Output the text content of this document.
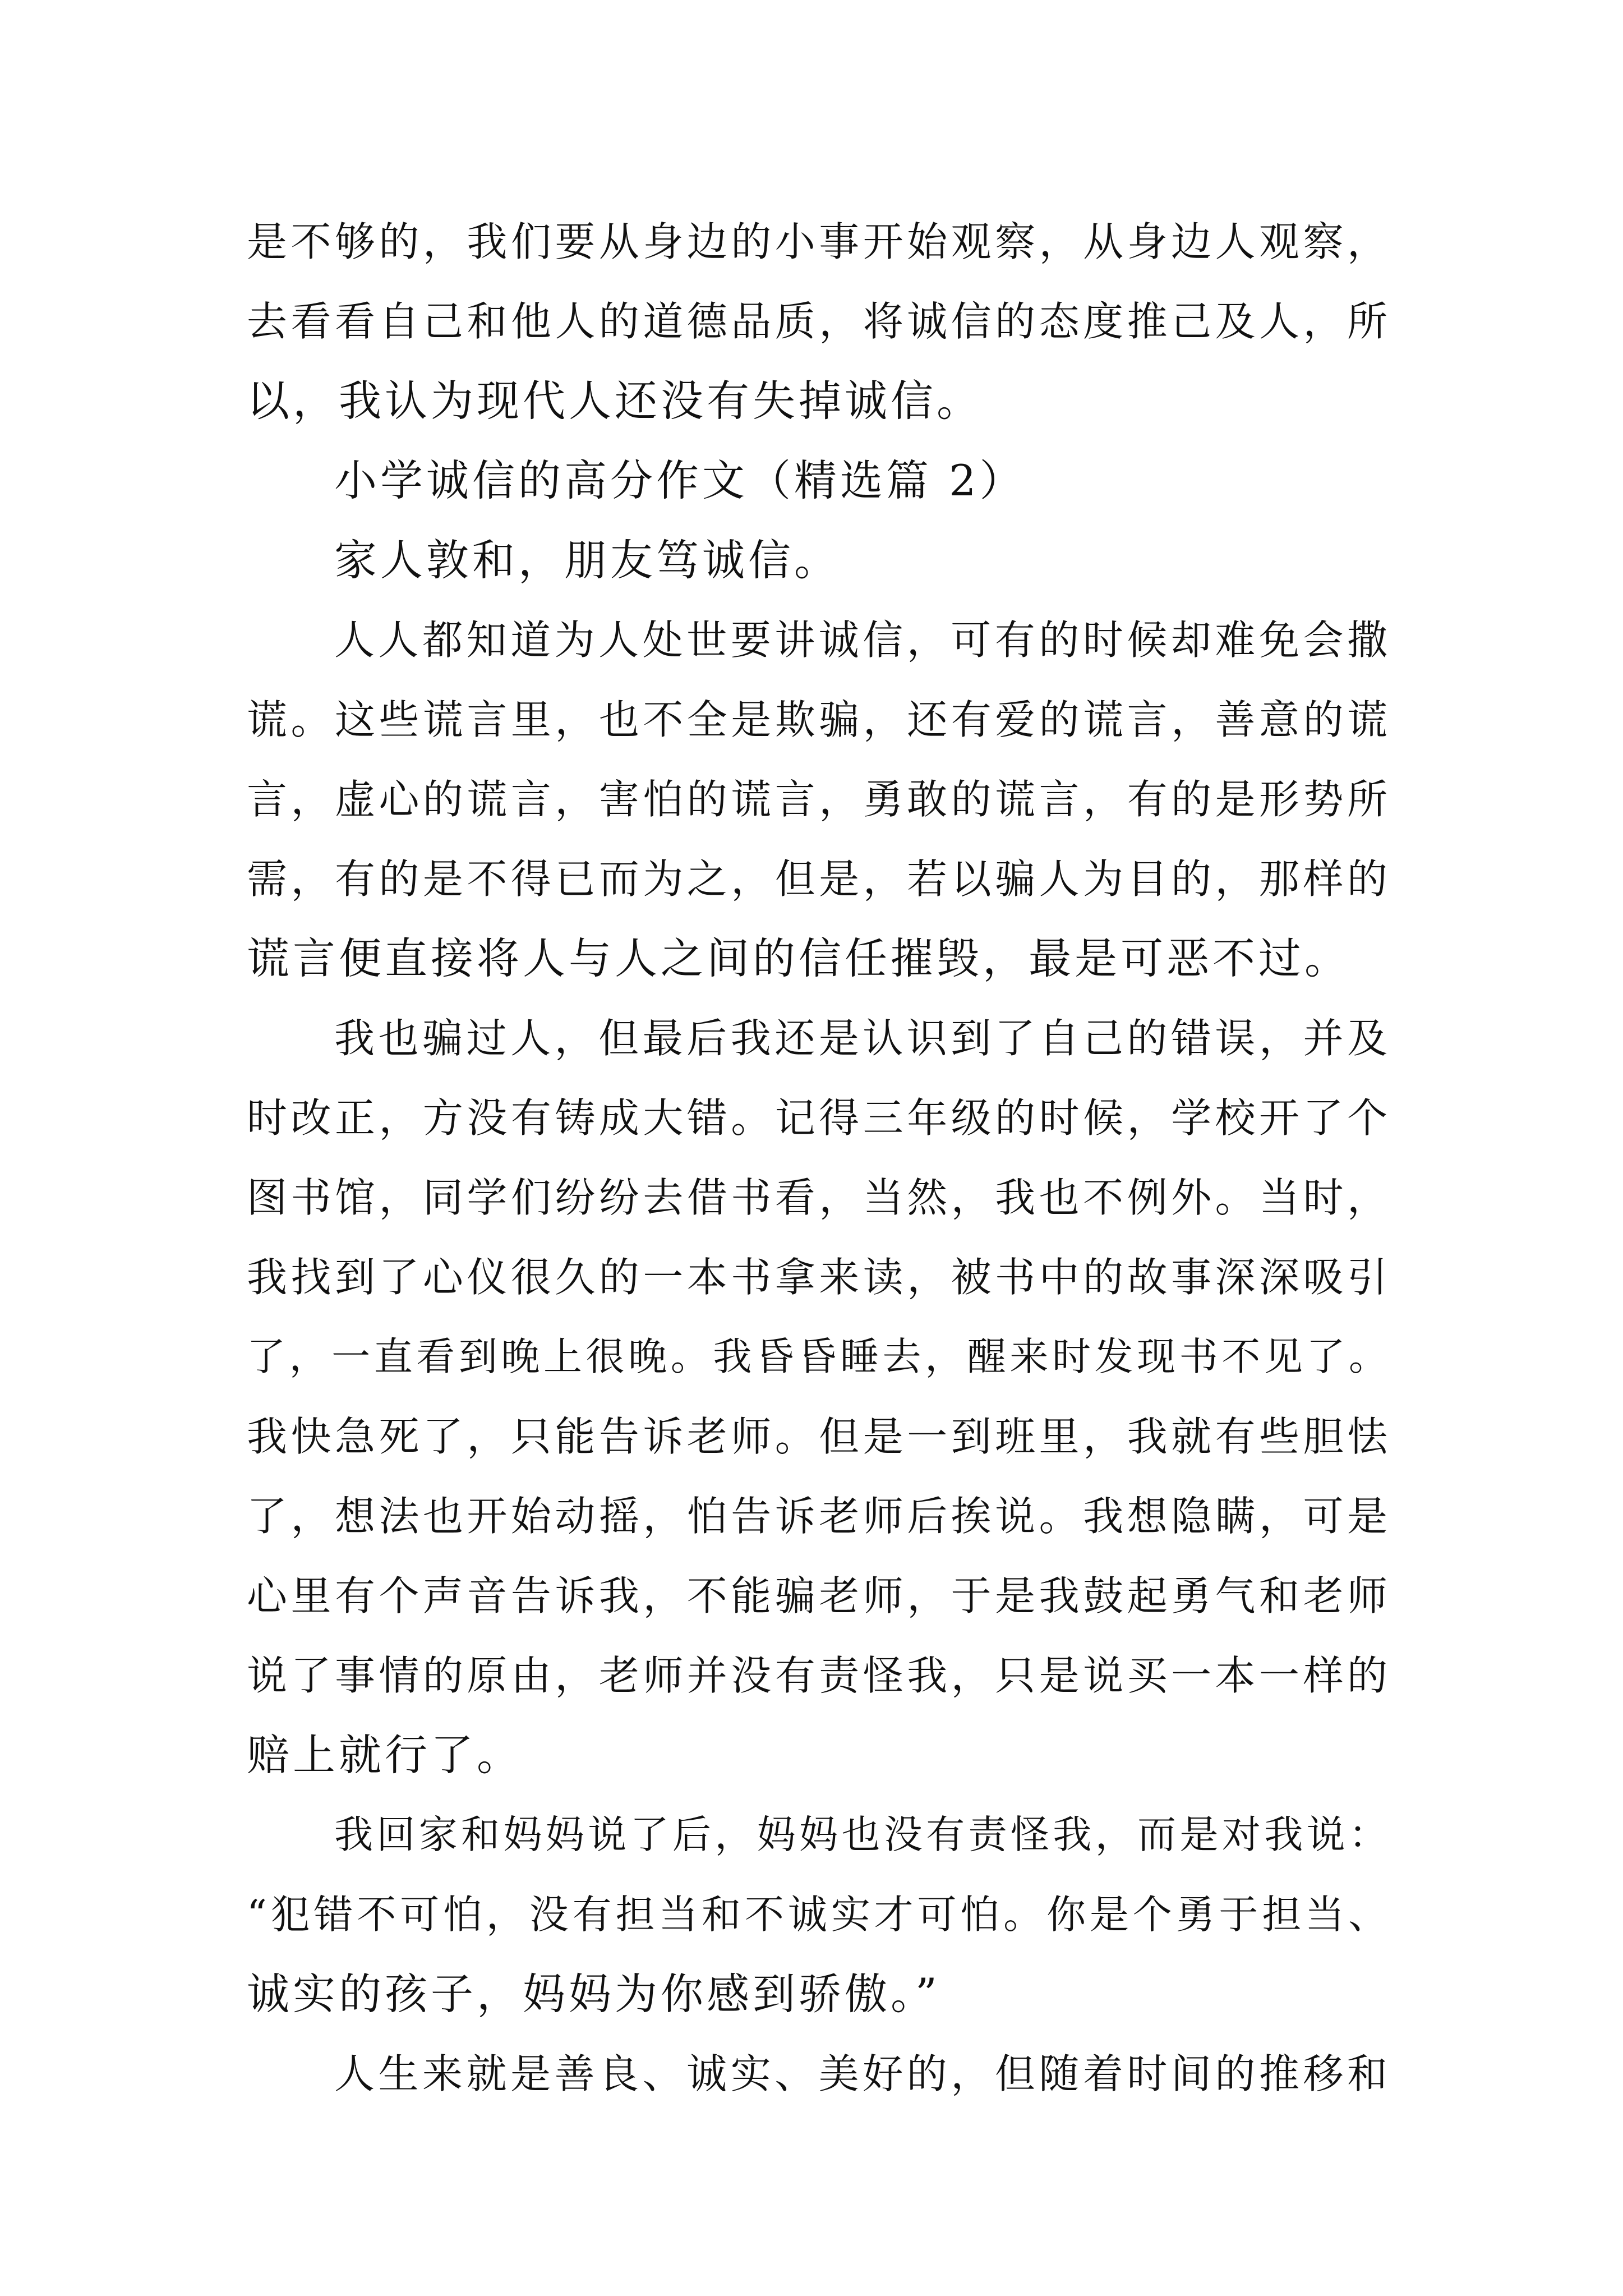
是不够的，我们要从身边的小事开始观察，从身边人观察，
去看看自己和他人的道德品质，将诚信的态度推己及人，所
以，我认为现代人还没有失掉诚信。
小学诚信的高分作文（精选篇 2）
家人敦和，朋友笃诚信。
人人都知道为人处世要讲诚信，可有的时候却难免会撒
谎。这些谎言里，也不全是欺骗，还有爱的谎言，善意的谎
言，虚心的谎言，害怕的谎言，勇敢的谎言，有的是形势所
需，有的是不得已而为之，但是，若以骗人为目的，那样的
谎言便直接将人与人之间的信任摧毁，最是可恶不过。
我也骗过人，但最后我还是认识到了自己的错误，并及
时改正，方没有铸成大错。记得三年级的时候，学校开了个
图书馆，同学们纷纷去借书看，当然，我也不例外。当时，
我找到了心仪很久的一本书拿来读，被书中的故事深深吸引
了，一直看到晚上很晚。我昏昏睡去，醒来时发现书不见了。
我快急死了，只能告诉老师。但是一到班里，我就有些胆怯
了，想法也开始动摇，怕告诉老师后挨说。我想隐瞒，可是
心里有个声音告诉我，不能骗老师，于是我鼓起勇气和老师
说了事情的原由，老师并没有责怪我，只是说买一本一样的
赔上就行了。
我回家和妈妈说了后，妈妈也没有责怪我，而是对我说：
“犯错不可怕，没有担当和不诚实才可怕。你是个勇于担当、
诚实的孩子，妈妈为你感到骄傲。”
人生来就是善良、诚实、美好的，但随着时间的推移和
